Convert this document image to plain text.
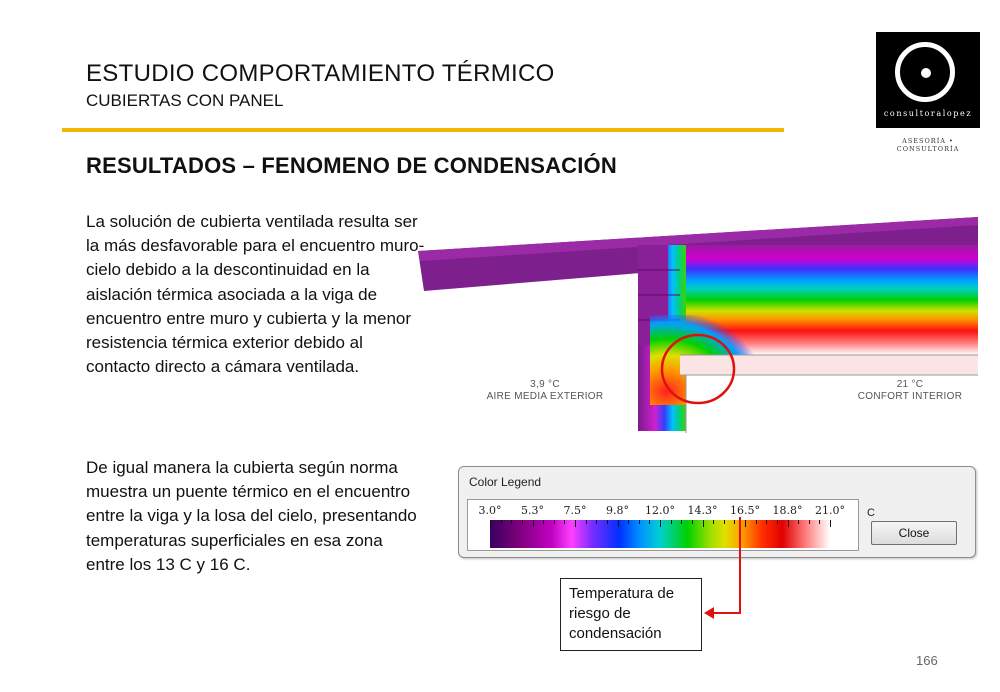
ESTUDIO COMPORTAMIENTO TÉRMICO
CUBIERTAS CON PANEL
consultoralopez
ASESORÍA • CONSULTORÍA
RESULTADOS – FENOMENO DE CONDENSACIÓN
La solución de cubierta ventilada resulta ser la más desfavorable para el encuentro muro-cielo debido a la descontinuidad en la aislación térmica asociada a la viga de encuentro entre muro y cubierta y la menor resistencia térmica exterior debido al contacto directo a cámara ventilada.
De igual manera la cubierta según norma muestra un puente térmico en el encuentro entre la viga y la losa del cielo, presentando temperaturas superficiales en esa zona entre los 13 C y 16 C.
3,9 °C
AIRE MEDIA EXTERIOR
21 °C
CONFORT INTERIOR
Color Legend
3.0° 5.3° 7.5° 9.8° 12.0° 14.3° 16.5° 18.8° 21.0° C
Close
Temperatura de riesgo de condensación
166
